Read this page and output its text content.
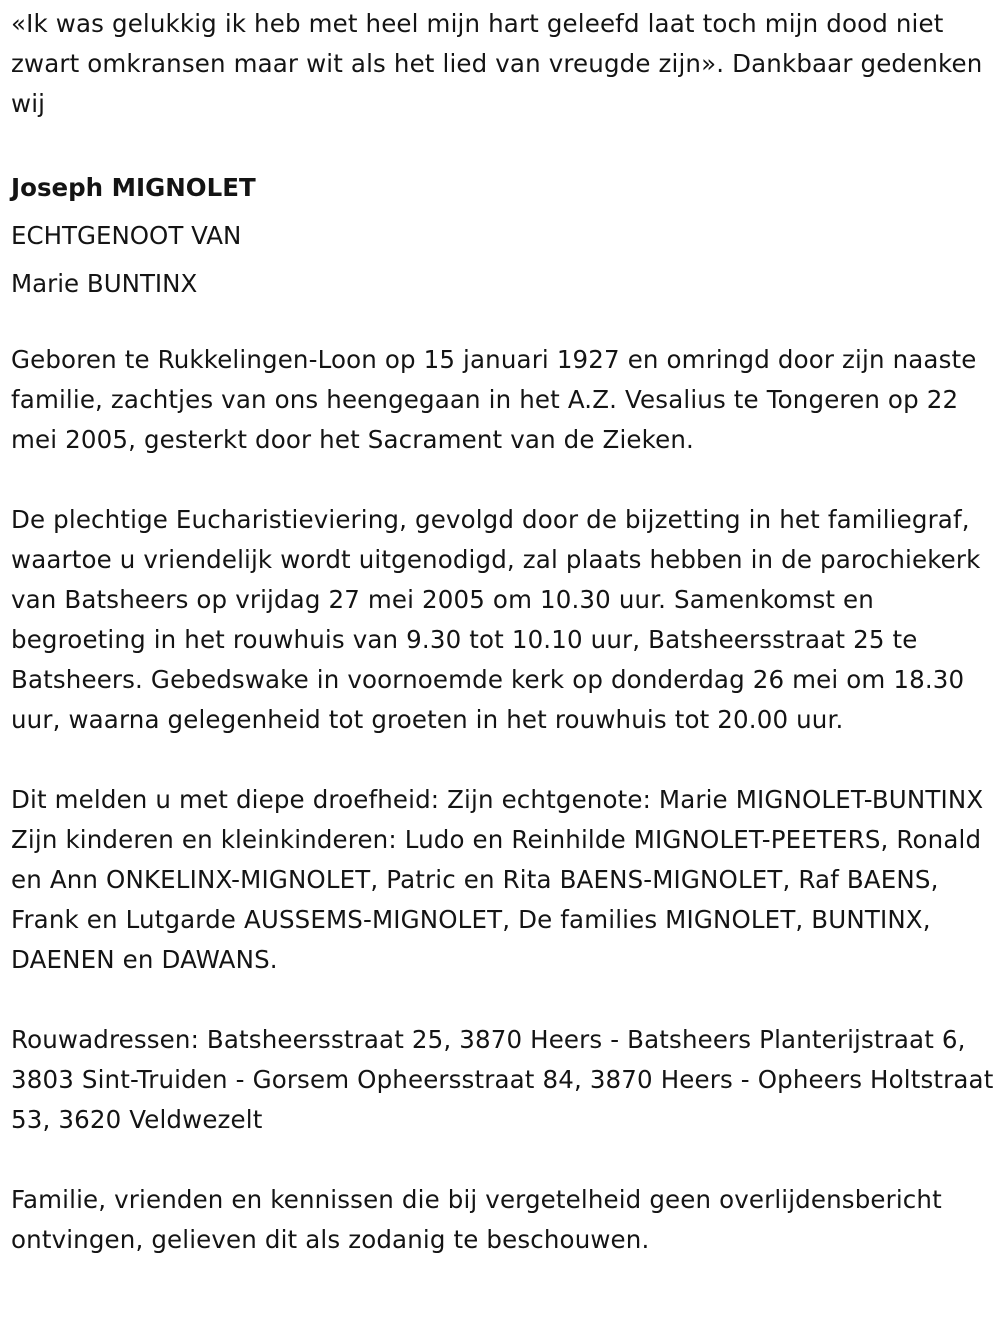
«Ik was gelukkig ik heb met heel mijn hart geleefd laat toch mijn dood niet zwart omkransen maar wit als het lied van vreugde zijn». Dankbaar gedenken wij

Joseph MIGNOLET

ECHTGENOOT VAN

Marie BUNTINX

Geboren te Rukkelingen-Loon op 15 januari 1927 en omringd door zijn naaste familie, zachtjes van ons heengegaan in het A.Z. Vesalius te Tongeren op 22 mei 2005, gesterkt door het Sacrament van de Zieken.

De plechtige Eucharistieviering, gevolgd door de bijzetting in het familiegraf, waartoe u vriendelijk wordt uitgenodigd, zal plaats hebben in de parochiekerk van Batsheers op vrijdag 27 mei 2005 om 10.30 uur. Samenkomst en begroeting in het rouwhuis van 9.30 tot 10.10 uur, Batsheersstraat 25 te Batsheers. Gebedswake in voornoemde kerk op donderdag 26 mei om 18.30 uur, waarna gelegenheid tot groeten in het rouwhuis tot 20.00 uur.

Dit melden u met diepe droefheid: Zijn echtgenote: Marie MIGNOLET-BUNTINX Zijn kinderen en kleinkinderen: Ludo en Reinhilde MIGNOLET-PEETERS, Ronald en Ann ONKELINX-MIGNOLET, Patric en Rita BAENS-MIGNOLET, Raf BAENS, Frank en Lutgarde AUSSEMS-MIGNOLET, De families MIGNOLET, BUNTINX, DAENEN en DAWANS.

Rouwadressen: Batsheersstraat 25, 3870 Heers - Batsheers Planterijstraat 6, 3803 Sint-Truiden - Gorsem Opheersstraat 84, 3870 Heers - Opheers Holtstraat 53, 3620 Veldwezelt

Familie, vrienden en kennissen die bij vergetelheid geen overlijdensbericht ontvingen, gelieven dit als zodanig te beschouwen.
